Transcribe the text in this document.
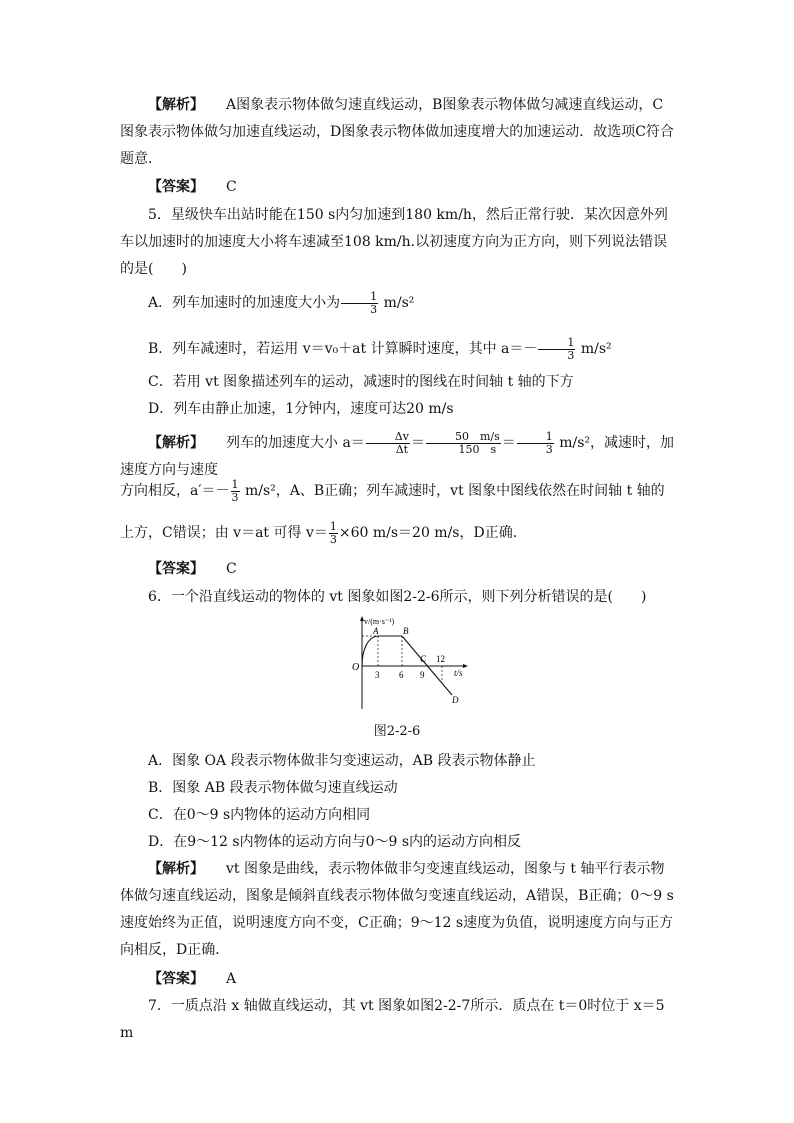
【解析】 A图象表示物体做匀速直线运动，B图象表示物体做匀减速直线运动，C图象表示物体做匀加速直线运动，D图象表示物体做加速度增大的加速运动．故选项C符合题意．
【答案】 C
5．星级快车出站时能在150 s内匀加速到180 km/h，然后正常行驶．某次因意外列车以加速时的加速度大小将车速减至108 km/h.以初速度方向为正方向，则下列说法错误的是(　　)
A．列车加速时的加速度大小为 $\frac{1}{3} m/s^2$
B．列车减速时，若运用 v＝v₀＋at 计算瞬时速度，其中 $a=- \frac{1}{3} m/s^2$
C．若用 vt 图象描述列车的运动，减速时的图线在时间轴 t 轴的下方
D．列车由静止加速，1分钟内，速度可达20 m/s
【解析】 列车的加速度大小 $a= \frac{\Delta v}{\Delta t} = \frac{50 m/s}{150 s} = \frac{1}{3} m/s^2$，减速时，加速度方向与速度
方向相反，$a'=- \frac{1}{3} m/s^2$，A、B正确；列车减速时，vt 图象中图线依然在时间轴 t 轴的
上方，C错误；由 v＝at 可得 $v= \frac{1}{3} \times 60$ m/s＝20 m/s，D正确．
【答案】 C
6．一个沿直线运动的物体的 vt 图象如图2-2-6所示，则下列分析错误的是(　　)
v/(m·s⁻¹)
t/s
O
3 6 9
12
A	B
C
D
图2-2-6
A．图象 OA 段表示物体做非匀变速运动，AB 段表示物体静止
B．图象 AB 段表示物体做匀速直线运动
C．在0～9 s内物体的运动方向相同
D．在9～12 s内物体的运动方向与0～9 s内的运动方向相反
【解析】 vt 图象是曲线，表示物体做非匀变速直线运动，图象与 t 轴平行表示物体做匀速直线运动，图象是倾斜直线表示物体做匀变速直线运动，A错误，B正确；0～9 s速度始终为正值，说明速度方向不变，C正确；9～12 s速度为负值，说明速度方向与正方向相反，D正确．
【答案】 A
7．一质点沿 x 轴做直线运动，其 vt 图象如图2-2-7所示．质点在 t＝0时位于 x＝5 m
